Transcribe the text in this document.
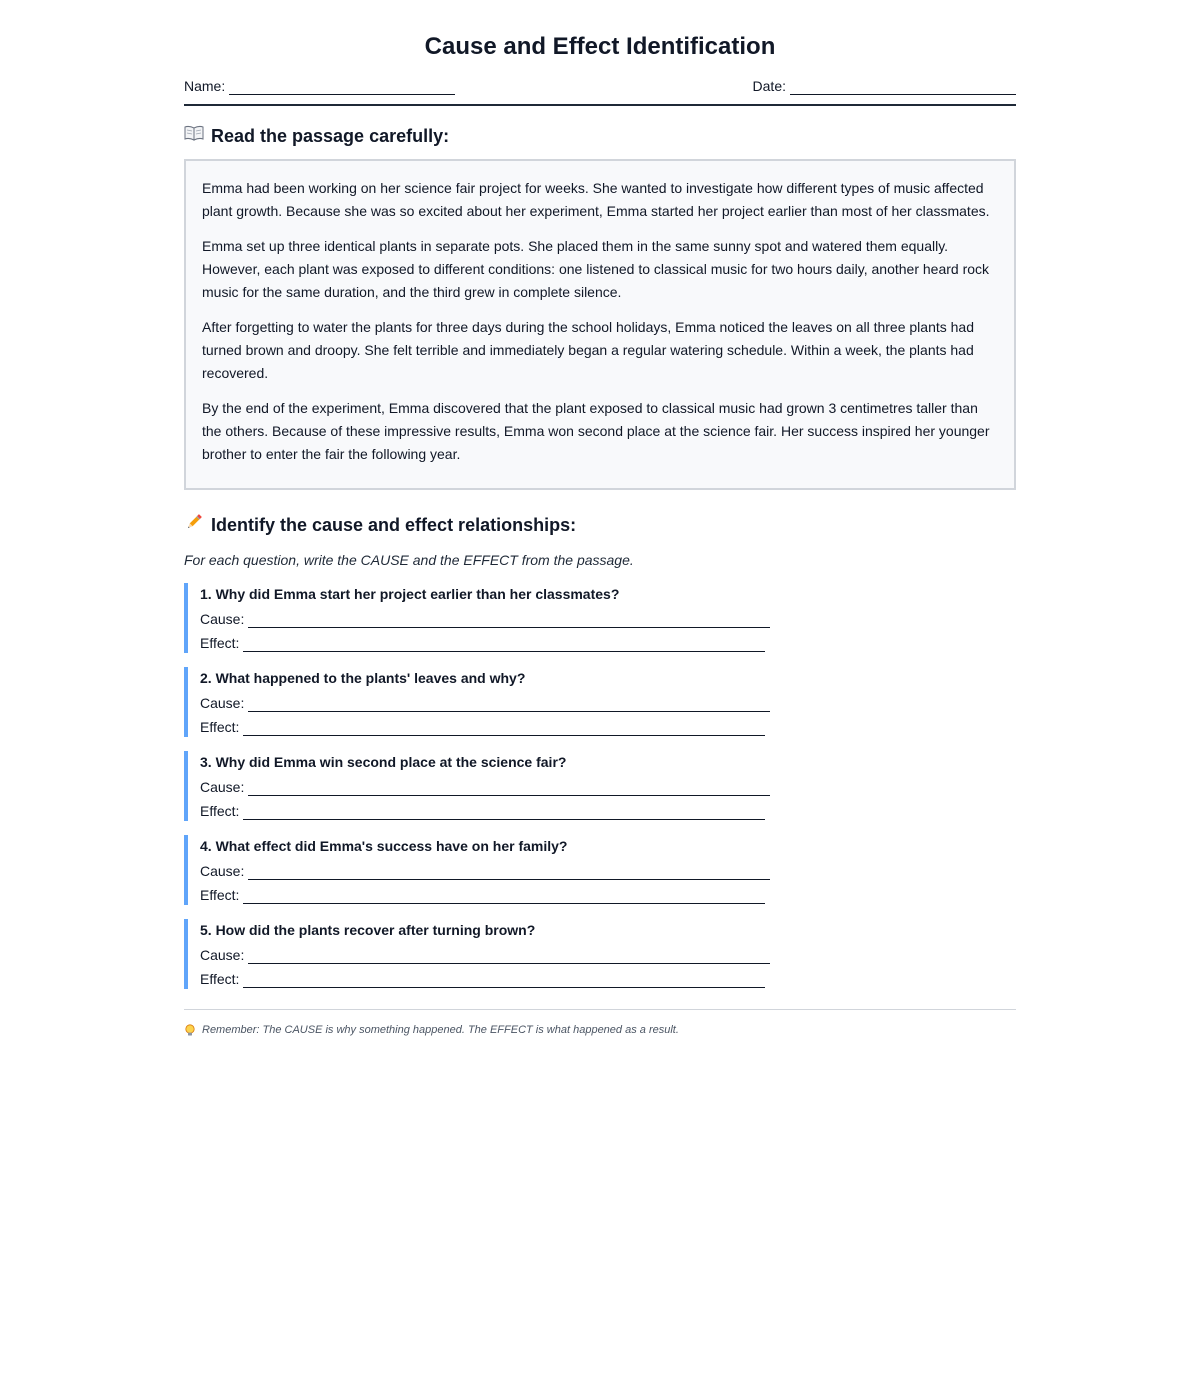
Cause and Effect Identification
Name:	Date:
Read the passage carefully:

Emma had been working on her science fair project for weeks. She wanted to investigate how different types of music affected plant growth. Because she was so excited about her experiment, Emma started her project earlier than most of her classmates.

Emma set up three identical plants in separate pots. She placed them in the same sunny spot and watered them equally. However, each plant was exposed to different conditions: one listened to classical music for two hours daily, another heard rock music for the same duration, and the third grew in complete silence.

After forgetting to water the plants for three days during the school holidays, Emma noticed the leaves on all three plants had turned brown and droopy. She felt terrible and immediately began a regular watering schedule. Within a week, the plants had recovered.

By the end of the experiment, Emma discovered that the plant exposed to classical music had grown 3 centimetres taller than the others. Because of these impressive results, Emma won second place at the science fair. Her success inspired her younger brother to enter the fair the following year.

Identify the cause and effect relationships:
For each question, write the CAUSE and the EFFECT from the passage.

1. Why did Emma start her project earlier than her classmates?

Cause:
Effect:

2. What happened to the plants' leaves and why?

Cause:
Effect:

3. Why did Emma win second place at the science fair?

Cause:
Effect:

4. What effect did Emma's success have on her family?

Cause:
Effect:

5. How did the plants recover after turning brown?

Cause:
Effect:
Remember: The CAUSE is why something happened. The EFFECT is what happened as a result.
